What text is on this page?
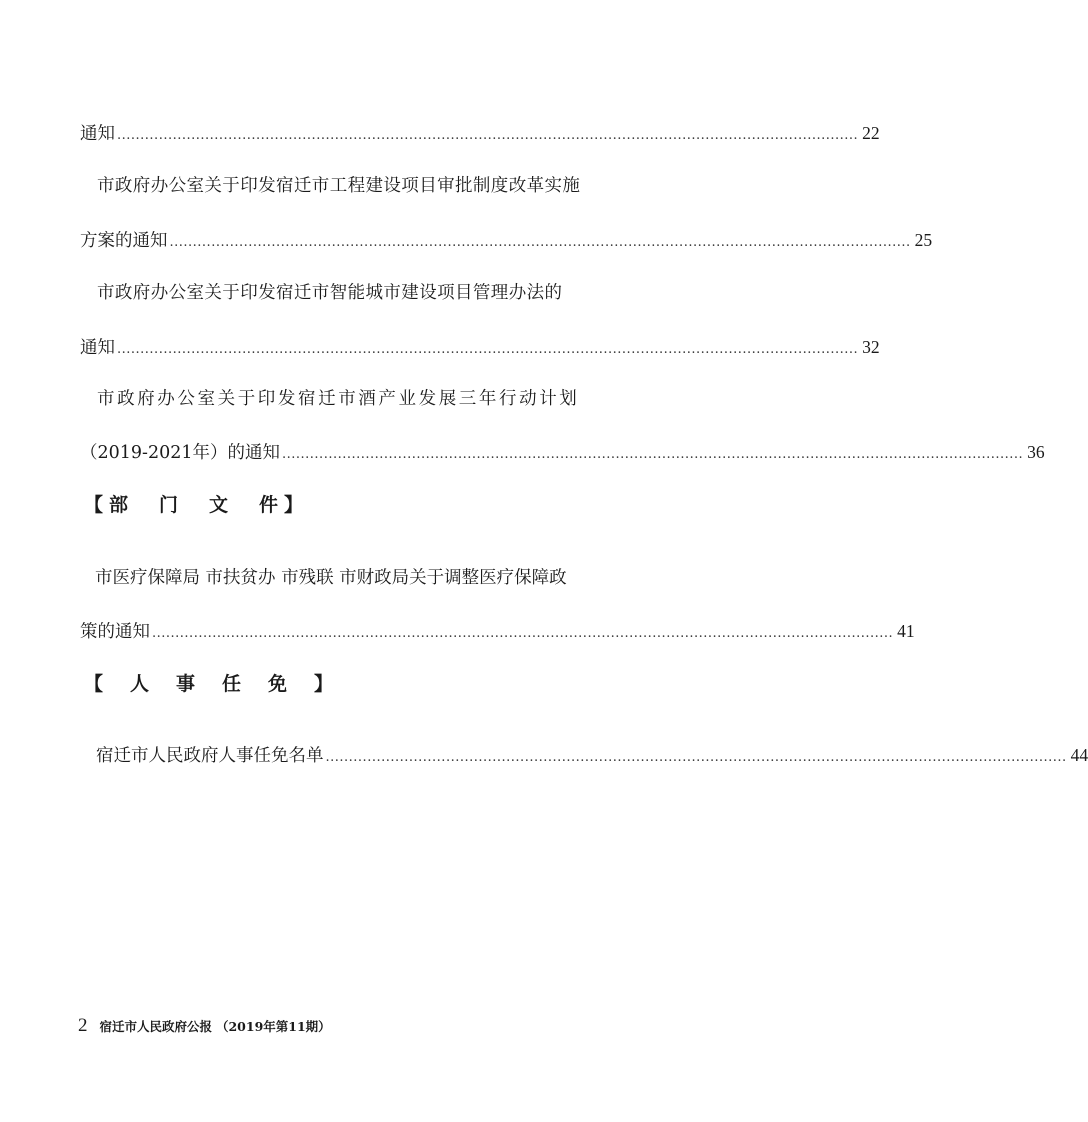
通知 ................................................................................................................................................................ 22
市政府办公室关于印发宿迁市工程建设项目审批制度改革实施
方案的通知 ................................................................................................................................................................ 25
市政府办公室关于印发宿迁市智能城市建设项目管理办法的
通知 ................................................................................................................................................................ 32
市政府办公室关于印发宿迁市酒产业发展三年行动计划
（2019-2021年）的通知 ................................................................................................................................................................ 36
【部　门　文　件】
市医疗保障局 市扶贫办 市残联 市财政局关于调整医疗保障政
策的通知 ................................................................................................................................................................ 41
【　人　事　任　免　】
宿迁市人民政府人事任免名单 ................................................................................................................................................................ 44
2 宿迁市人民政府公报 （2019年第11期）
